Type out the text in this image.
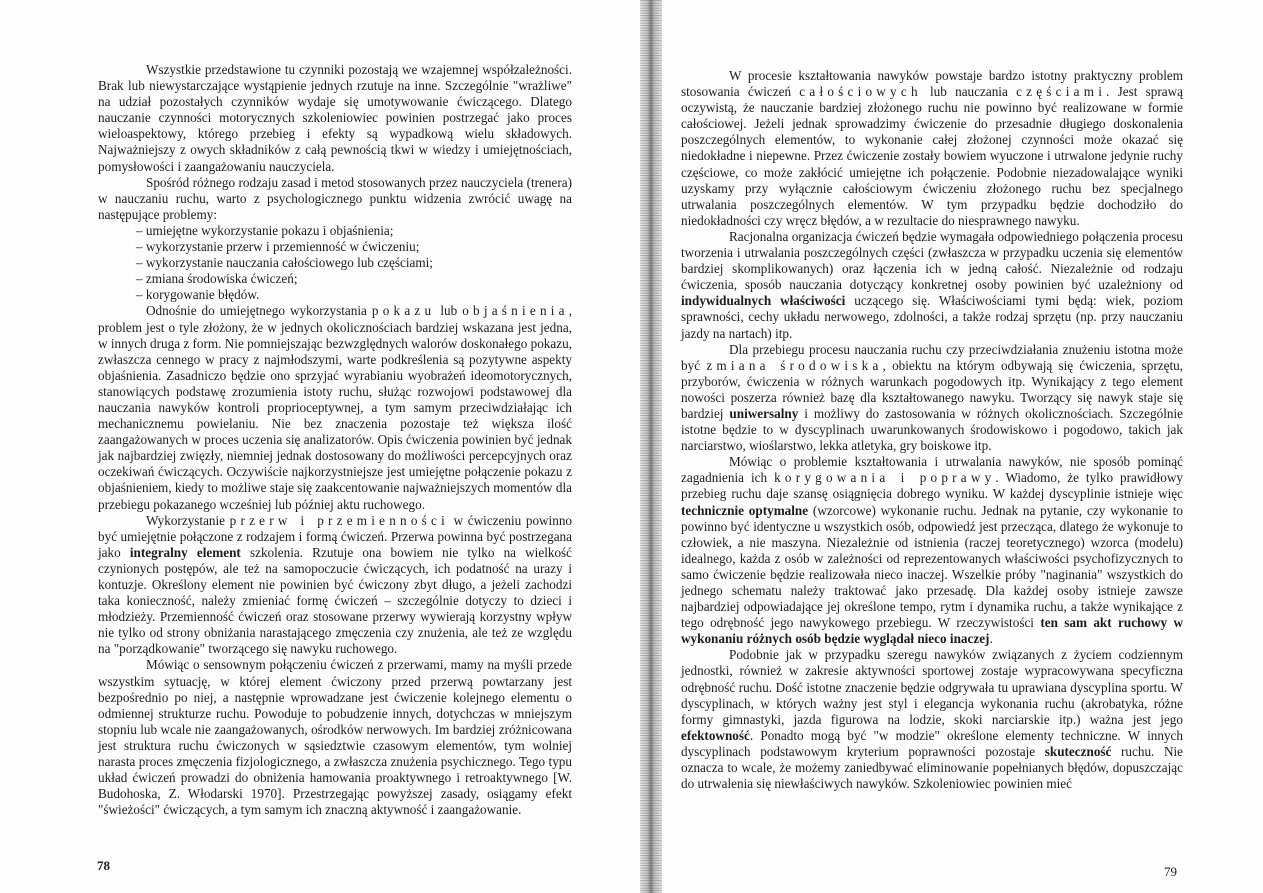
Wszystkie przedstawione tu czynniki pozostają we wzajemnej współzależności. Brak lub niewystarczające wystąpienie jednych rzutuje na inne. Szczególnie "wrażliwe" na udział pozostałych czynników wydaje się umotywowanie ćwiczącego. Dlatego nauczanie czynności motorycznych szkoleniowiec powinien postrzegać jako proces wieloaspektowy, którego przebieg i efekty są wypadkową wielu składowych. Najważniejszy z owych składników z całą pewnością tkwi w wiedzy i umiejętnościach, pomysłowości i zaangażowaniu nauczyciela.

Spośród różnego rodzaju zasad i metod stosowanych przez nauczyciela (trenera) w nauczaniu ruchu, warto z psychologicznego punktu widzenia zwrócić uwagę na następujące problemy:

– umiejętne wykorzystanie pokazu i objaśnienia;
– wykorzystanie przerw i przemienność w ćwiczeniu;
– wykorzystanie nauczania całościowego lub częściami;
– zmiana środowiska ćwiczeń;
– korygowanie błędów.

Odnośnie do umiejętnego wykorzystania pokazu lub objaśnienia, problem jest o tyle złożony, że w jednych okolicznościach bardziej wskazana jest jedna, w innych druga z form. Nie pomniejszając bezwzględnych walorów doskonałego pokazu, zwłaszcza cennego w pracy z najmłodszymi, warte podkreślenia są pozytywne aspekty objaśnienia. Zasadniczo będzie ono sprzyjać wyrabianiu wyobrażeń ideomotorycznych, stanowiących podstawę zrozumienia istoty ruchu, służąc rozwojowi podstawowej dla nauczania nawyków kontroli proprioceptywnej, a tym samym przeciwdziałając ich mechanicznemu powielaniu. Nie bez znaczenia pozostaje też większa ilość zaangażowanych w proces uczenia się analizatorów. Opis ćwiczenia powinien być jednak jak najbardziej zwięzły, niemniej jednak dostosowany do możliwości percepcyjnych oraz oczekiwań ćwiczących. Oczywiście najkorzystniejsze jest umiejętne połączenie pokazu z objaśnieniem, kiedy to możliwe staje się zaakcentowanie najważniejszych momentów dla przebiegu pokazanego wcześniej lub później aktu ruchowego.

Wykorzystanie przerw i przemienności w ćwiczeniu powinno być umiejętnie połączone z rodzajem i formą ćwiczeń. Przerwa powinna być postrzegana jako integralny element szkolenia. Rzutuje ona bowiem nie tylko na wielkość czynionych postępów, ale też na samopoczucie ćwiczących, ich podatność na urazy i kontuzje. Określony element nie powinien być ćwiczony zbyt długo, a jeżeli zachodzi taka konieczność, należy zmieniać formę ćwiczeń – szczególnie dotyczy to dzieci i młodzieży. Przemienność ćwiczeń oraz stosowane przerwy wywierają korzystny wpływ nie tylko od strony obniżania narastającego zmęczenia czy znużenia, ale też ze względu na "porządkowanie" tworzącego się nawyku ruchowego.

Mówiąc o sensownym połączeniu ćwiczeń z przerwami, mamy na myśli przede wszystkim sytuację, w której element ćwiczony przed przerwą powtarzany jest bezpośrednio po niej, a następnie wprowadzane jest ćwiczenie kolejnego elementu o odmiennej strukturze ruchu. Powoduje to pobudzenie innych, dotychczas w mniejszym stopniu lub wcale nie zaangażowanych, ośrodków nerwowych. Im bardziej zróżnicowana jest struktura ruchu ćwiczonych w sąsiedztwie czasowym elementów, tym wolniej narasta proces zmęczenia fizjologicznego, a zwłaszcza znużenia psychicznego. Tego typu układ ćwiczeń prowadzi do obniżenia hamowania proaktywnego i retroaktywnego [W. Budohoska, Z. Włodarski 1970]. Przestrzegając powyższej zasady, osiągamy efekt "świeżości" ćwiczących, a tym samym ich znaczną aktywność i zaangażowanie.

78

W procesie kształtowania nawyków powstaje bardzo istotny praktyczny problem stosowania ćwiczeń całościowych lub nauczania częściami. Jest sprawą oczywistą, że nauczanie bardziej złożonego ruchu nie powinno być realizowane w formie całościowej. Jeżeli jednak sprowadzimy ćwiczenie do przesadnie długiego doskonalenia poszczególnych elementów, to wykonanie całej złożonej czynności może okazać się niedokładne i niepewne. Przez ćwiczenie zostały bowiem wyuczone i utrwalone jedynie ruchy częściowe, co może zakłócić umiejętne ich połączenie. Podobnie niezadowalające wyniki uzyskamy przy wyłącznie całościowym ćwiczeniu złożonego ruchu bez specjalnego utrwalania poszczególnych elementów. W tym przypadku będzie dochodziło do niedokładności czy wręcz błędów, a w rezultacie do niesprawnego nawyku.

Racjonalna organizacja ćwiczeń będzie wymagała odpowiedniego połączenia procesu tworzenia i utrwalania poszczególnych części (zwłaszcza w przypadku uczenia się elementów bardziej skomplikowanych) oraz łączenia ich w jedną całość. Niezależnie od rodzaju ćwiczenia, sposób nauczania dotyczący konkretnej osoby powinien być uzależniony od indywidualnych właściwości uczącego się. Właściwościami tymi będą: wiek, poziom sprawności, cechy układu nerwowego, zdolności, a także rodzaj sprzętu (np. przy nauczaniu jazdy na nartach) itp.

Dla przebiegu procesu nauczania ruchu czy przeciwdziałania znużeniu istotna może być zmiana środowiska, obiektu na którym odbywają się ćwiczenia, sprzętu, przyborów, ćwiczenia w różnych warunkach pogodowych itp. Wynikający z tego element nowości poszerza również bazę dla kształtowanego nawyku. Tworzący się nawyk staje się bardziej uniwersalny i możliwy do zastosowania w różnych okolicznościach. Szczególnie istotne będzie to w dyscyplinach uwarunkowanych środowiskowo i pogodowo, takich jak narciarstwo, wioślarstwo, lekka atletyka, gry boiskowe itp.

Mówiąc o problemie kształtowania i utrwalania nawyków, nie sposób pominąć zagadnienia ich korygowania i poprawy. Wiadomo, że tylko prawidłowy przebieg ruchu daje szansę osiągnięcia dobrego wyniku. W każdej dyscyplinie istnieje więc technicznie optymalne (wzorcowe) wykonanie ruchu. Jednak na pytanie, czy wykonanie to powinno być identyczne u wszystkich osób, odpowiedź jest przecząca, dlatego że wykonuje to człowiek, a nie maszyna. Niezależnie od istnienia (raczej teoretycznego) wzorca (modelu) idealnego, każda z osób w zależności od reprezentowanych właściwości psychofizycznych to samo ćwiczenie będzie realizowała nieco inaczej. Wszelkie próby "naginania" wszystkich do jednego schematu należy traktować jako przesadę. Dla każdej osoby istnieje zawsze najbardziej odpowiadające jej określone tempo, rytm i dynamika ruchu, a także wynikające z tego odrębność jego nawykowego przebiegu. W rzeczywistości ten sam akt ruchowy w wykonaniu różnych osób będzie wyglądał nieco inaczej.

Podobnie jak w przypadku szeregu nawyków związanych z życiem codziennym jednostki, również w zakresie aktywności sportowej zostaje wypracowywana specyficzna odrębność ruchu. Dość istotne znaczenie będzie odgrywała tu uprawiana dyscyplina sportu. W dyscyplinach, w których ważny jest styl i elegancja wykonania ruchu (akrobatyka, różne formy gimnastyki, jazda figurowa na lodzie, skoki narciarskie itp.) ważna jest jego efektowność. Ponadto mogą być "w modzie" określone elementy techniczne. W innych dyscyplinach podstawowym kryterium poprawności pozostaje skuteczność ruchu. Nie oznacza to wcale, że możemy zaniedbywać eliminowanie popełnianych błędów, dopuszczając do utrwalenia się niewłaściwych nawyków. Szkoleniowiec powinien mieć

79
